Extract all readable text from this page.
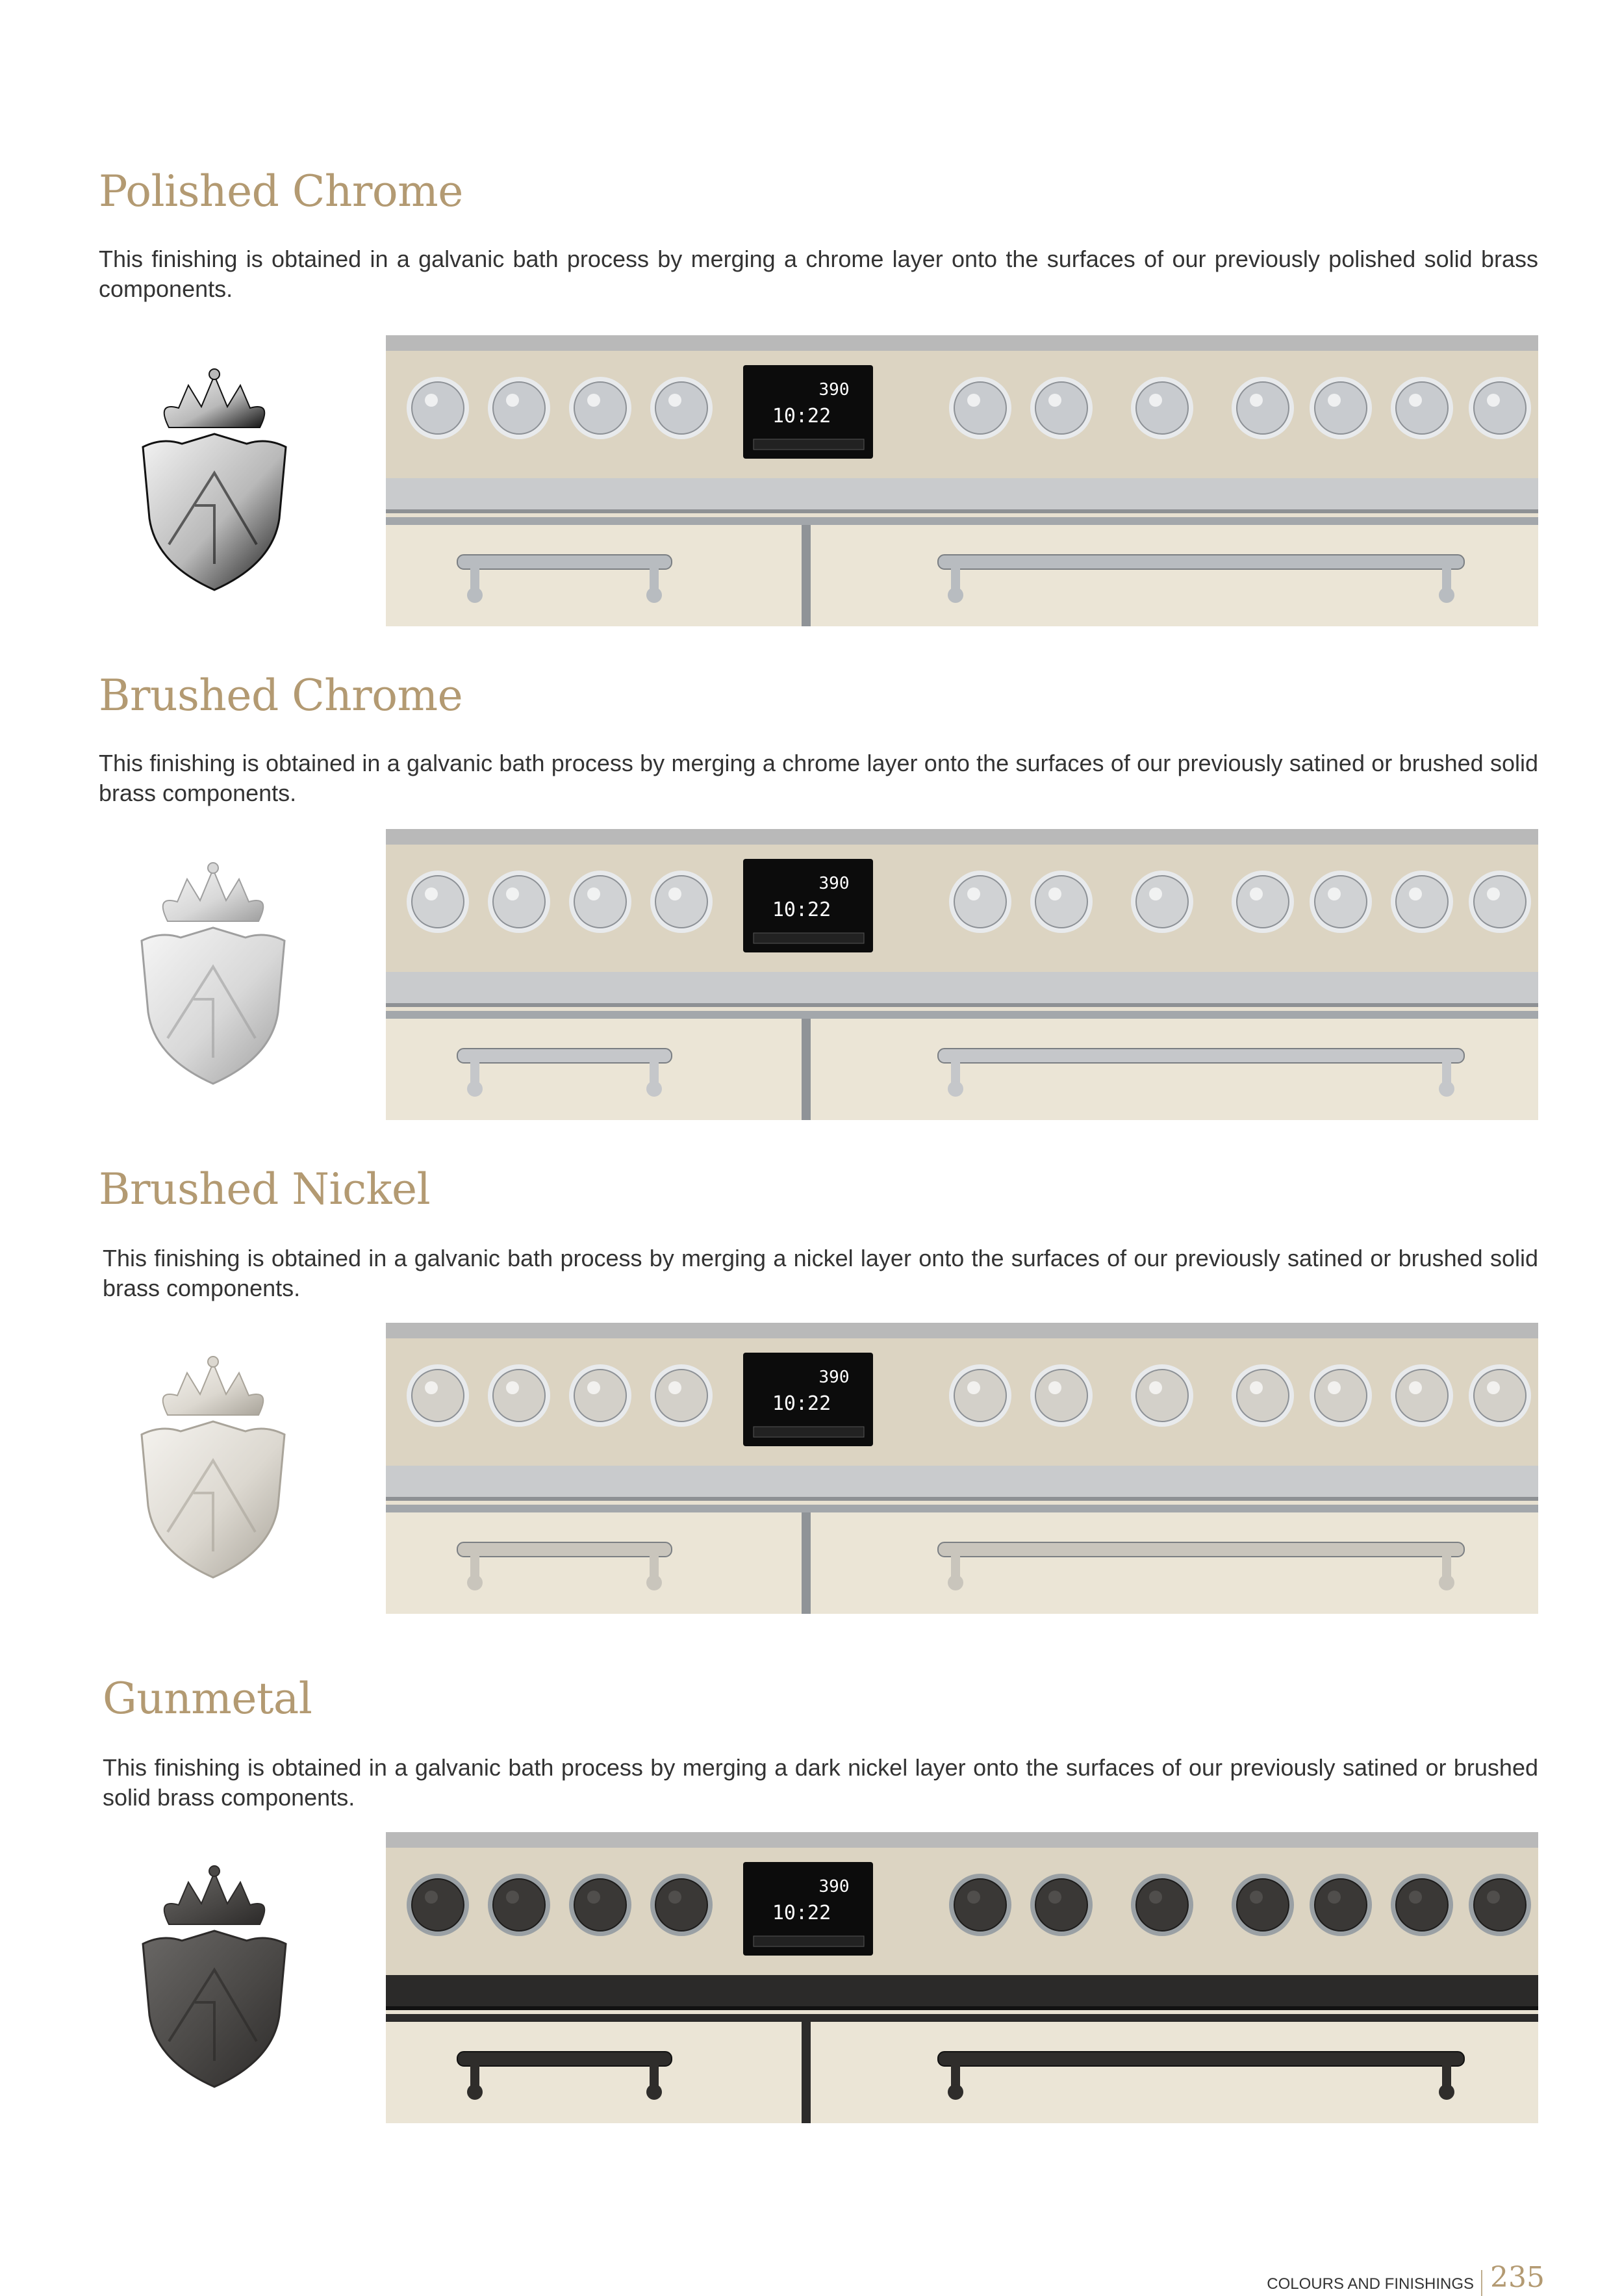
Polished Chrome
This finishing is obtained in a galvanic bath process by merging a chrome layer onto the surfaces of our previously polished solid brass components.
390
10:22
Brushed Chrome
This finishing is obtained in a galvanic bath process by merging a chrome layer onto the surfaces of our previously satined or brushed solid brass components.
390
10:22
Brushed Nickel
This finishing is obtained in a galvanic bath process by merging a nickel layer onto the surfaces of our previously satined or brushed solid brass components.
390
10:22
Gunmetal
This finishing is obtained in a galvanic bath process by merging a dark nickel layer onto the surfaces of our previously satined or brushed solid brass components.
390
10:22
COLOURS AND FINISHINGS 235
